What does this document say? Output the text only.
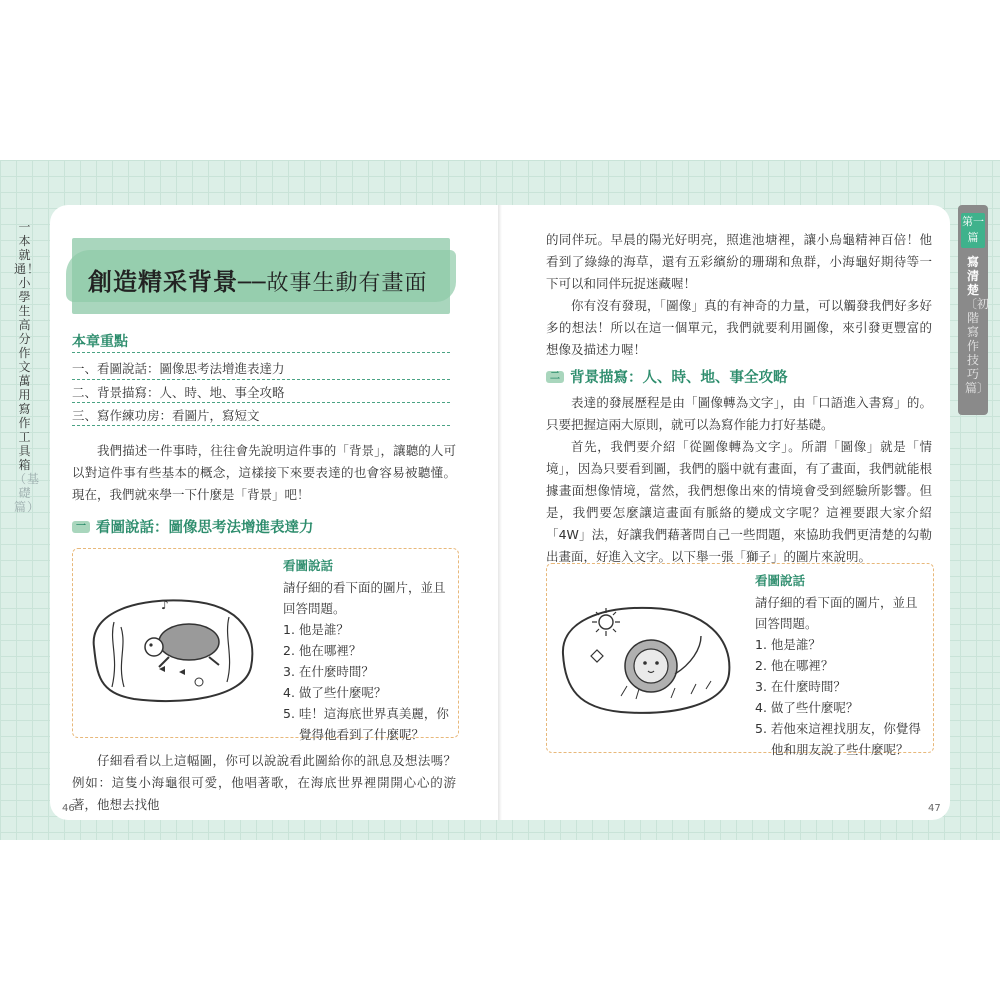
一本就通！小學生高分作文萬用寫作工具箱（基礎篇）
第一篇
寫清楚〔初階寫作技巧篇〕
創造精采背景──故事生動有畫面
本章重點
一、看圖說話：圖像思考法增進表達力
二、背景描寫：人、時、地、事全攻略
三、寫作練功房：看圖片，寫短文
我們描述一件事時，往往會先說明這件事的「背景」，讓聽的人可以對這件事有些基本的概念，這樣接下來要表達的也會容易被聽懂。現在，我們就來學一下什麼是「背景」吧！
一 看圖說話：圖像思考法增進表達力
♪
看圖說話
請仔細的看下面的圖片，並且
回答問題。
1. 他是誰？
2. 他在哪裡？
3. 在什麼時間？
4. 做了些什麼呢？
5. 哇！這海底世界真美麗，你
覺得他看到了什麼呢？
仔細看看以上這幅圖，你可以說說看此圖給你的訊息及想法嗎？例如：這隻小海龜很可愛，他唱著歌，在海底世界裡開開心心的游著，他想去找他
46
的同伴玩。早晨的陽光好明亮，照進池塘裡，讓小烏龜精神百倍！他看到了綠綠的海草，還有五彩繽紛的珊瑚和魚群，小海龜好期待等一下可以和同伴玩捉迷藏喔！
你有沒有發現，「圖像」真的有神奇的力量，可以觸發我們好多好多的想法！所以在這一個單元，我們就要利用圖像，來引發更豐富的想像及描述力喔！
二 背景描寫：人、時、地、事全攻略
表達的發展歷程是由「圖像轉為文字」，由「口語進入書寫」的。只要把握這兩大原則，就可以為寫作能力打好基礎。
首先，我們要介紹「從圖像轉為文字」。所謂「圖像」就是「情境」，因為只要看到圖，我們的腦中就有畫面，有了畫面，我們就能根據畫面想像情境，當然，我們想像出來的情境會受到經驗所影響。但是，我們要怎麼讓這畫面有脈絡的變成文字呢？這裡要跟大家介紹「4W」法，好讓我們藉著問自己一些問題，來協助我們更清楚的勾勒出畫面，好進入文字。以下舉一張「獅子」的圖片來說明。
看圖說話
請仔細的看下面的圖片，並且
回答問題。
1. 他是誰？
2. 他在哪裡？
3. 在什麼時間？
4. 做了些什麼呢？
5. 若他來這裡找朋友，你覺得
他和朋友說了些什麼呢？
47
